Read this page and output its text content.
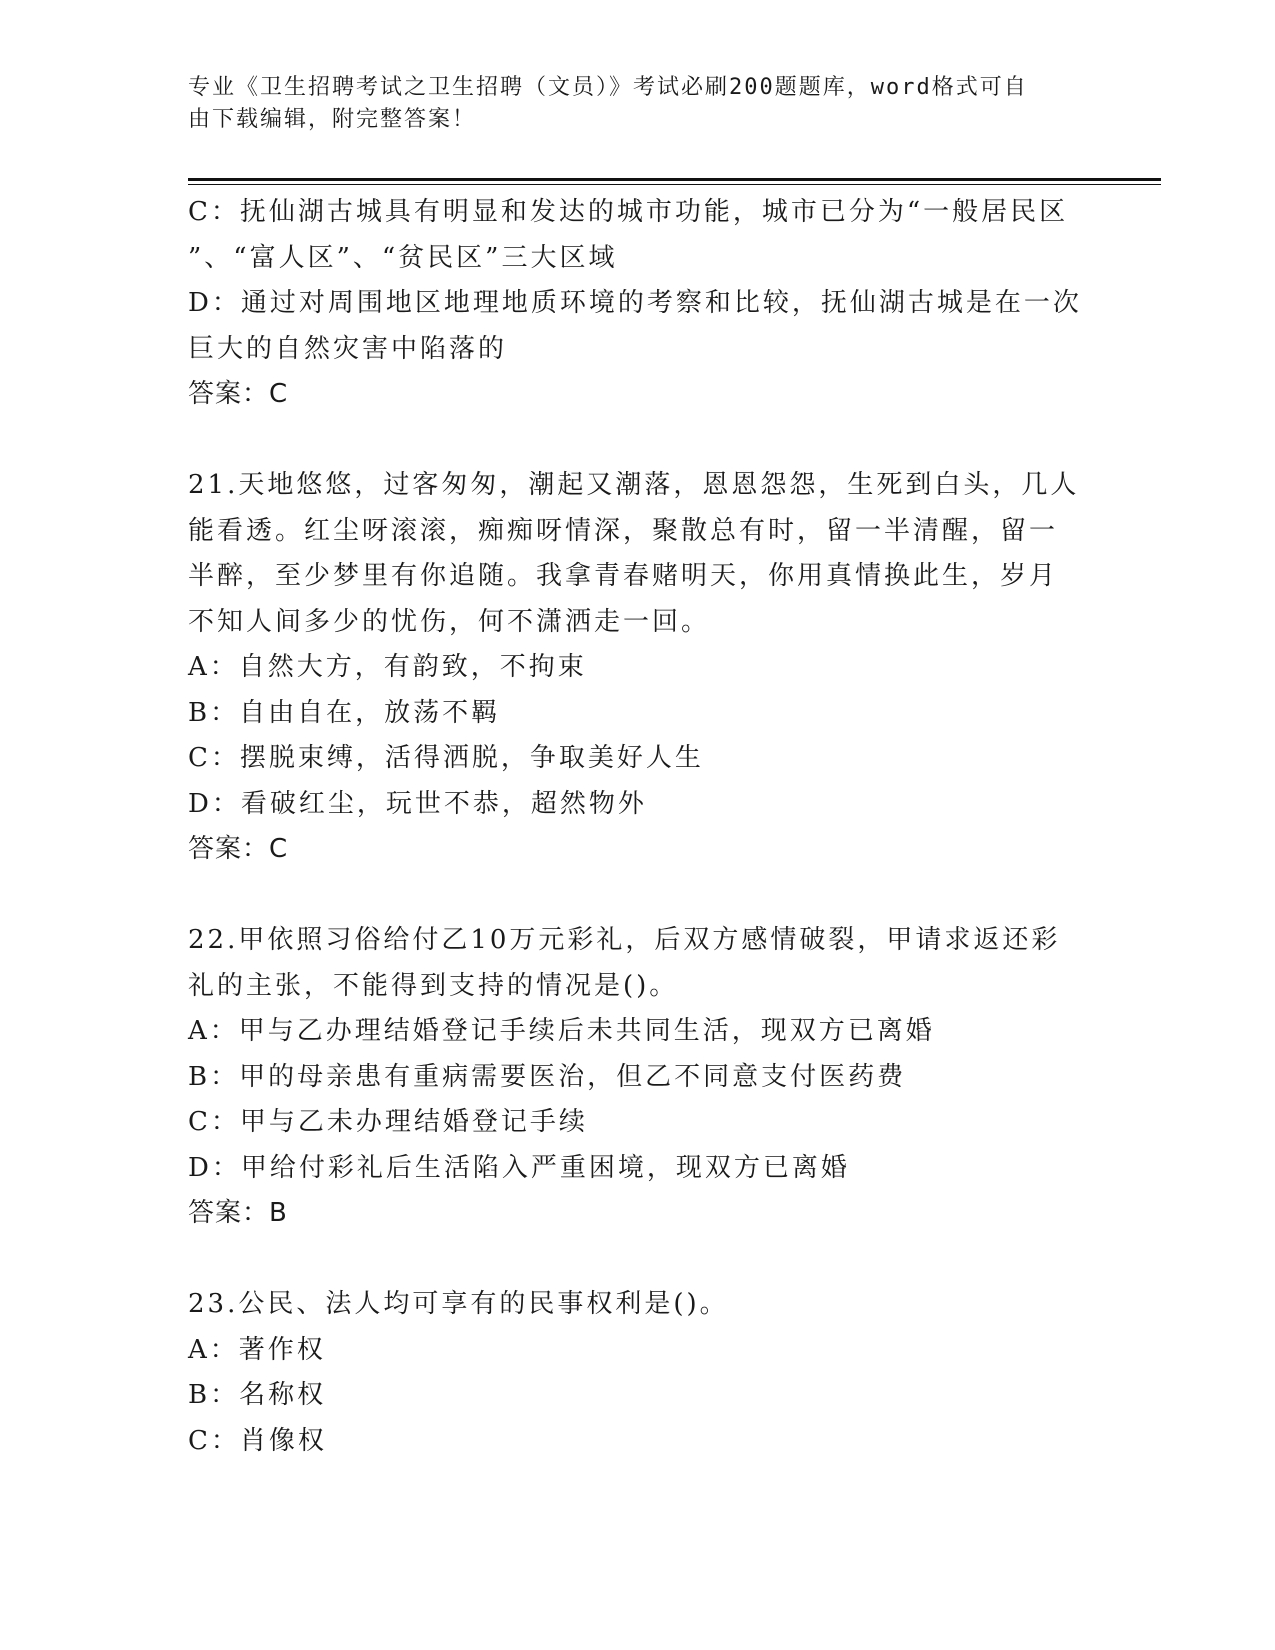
专业《卫生招聘考试之卫生招聘（文员）》考试必刷200题题库，word格式可自
由下载编辑，附完整答案！
C：抚仙湖古城具有明显和发达的城市功能，城市已分为“一般居民区
”、“富人区”、“贫民区”三大区域
D：通过对周围地区地理地质环境的考察和比较，抚仙湖古城是在一次
巨大的自然灾害中陷落的
答案：C
21.天地悠悠，过客匆匆，潮起又潮落，恩恩怨怨，生死到白头，几人
能看透。红尘呀滚滚，痴痴呀情深，聚散总有时，留一半清醒，留一
半醉，至少梦里有你追随。我拿青春赌明天，你用真情换此生，岁月
不知人间多少的忧伤，何不潇洒走一回。
A：自然大方，有韵致，不拘束
B：自由自在，放荡不羁
C：摆脱束缚，活得洒脱，争取美好人生
D：看破红尘，玩世不恭，超然物外
答案：C
22.甲依照习俗给付乙10万元彩礼，后双方感情破裂，甲请求返还彩
礼的主张，不能得到支持的情况是()。
A：甲与乙办理结婚登记手续后未共同生活，现双方已离婚
B：甲的母亲患有重病需要医治，但乙不同意支付医药费
C：甲与乙未办理结婚登记手续
D：甲给付彩礼后生活陷入严重困境，现双方已离婚
答案：B
23.公民、法人均可享有的民事权利是()。
A：著作权
B：名称权
C：肖像权
